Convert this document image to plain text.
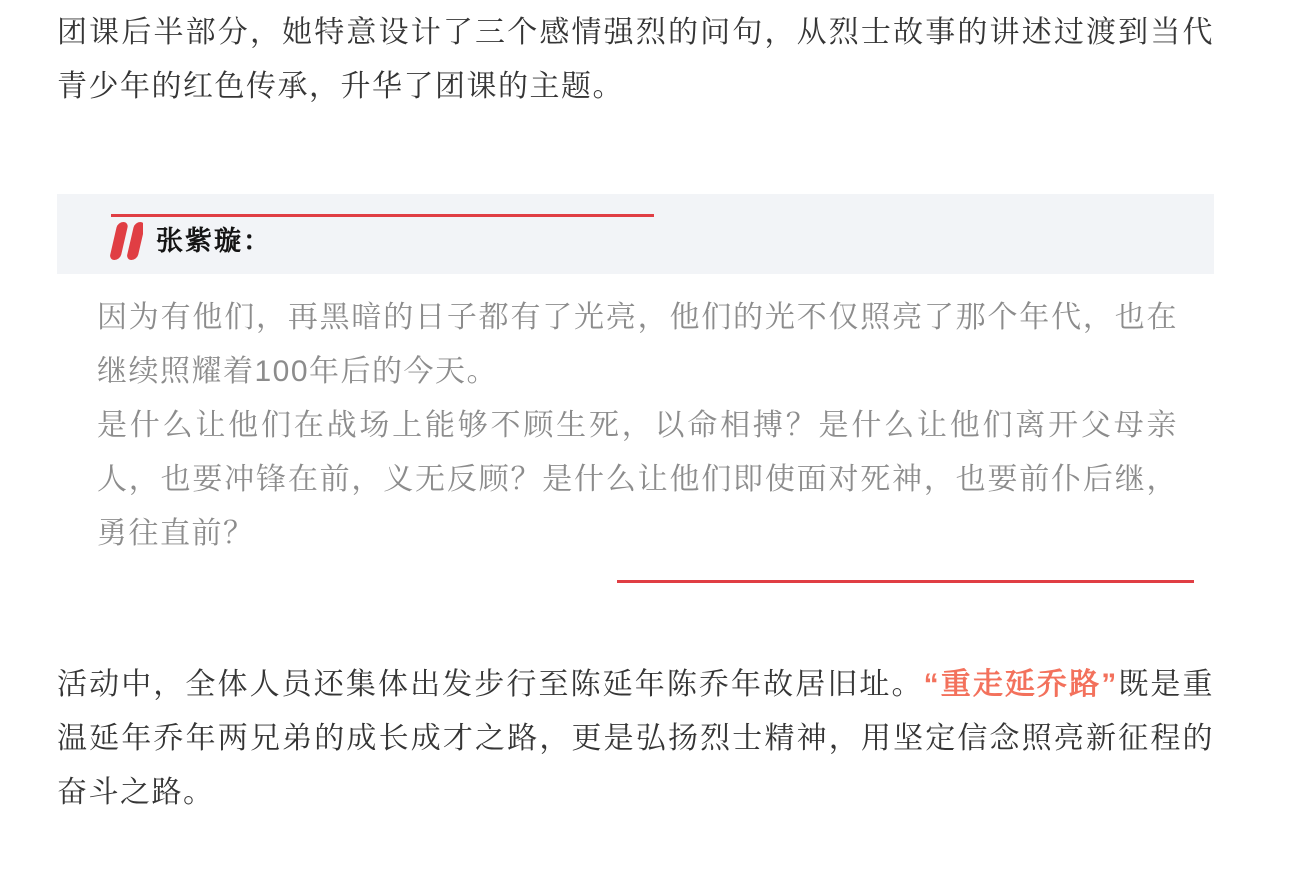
团课后半部分，她特意设计了三个感情强烈的问句，从烈士故事的讲述过渡到当代青少年的红色传承，升华了团课的主题。

张紫璇：

因为有他们，再黑暗的日子都有了光亮，他们的光不仅照亮了那个年代，也在继续照耀着100年后的今天。

是什么让他们在战场上能够不顾生死，以命相搏？是什么让他们离开父母亲人，也要冲锋在前，义无反顾？是什么让他们即使面对死神，也要前仆后继，勇往直前？

活动中，全体人员还集体出发步行至陈延年陈乔年故居旧址。“重走延乔路”既是重温延年乔年两兄弟的成长成才之路，更是弘扬烈士精神，用坚定信念照亮新征程的奋斗之路。
